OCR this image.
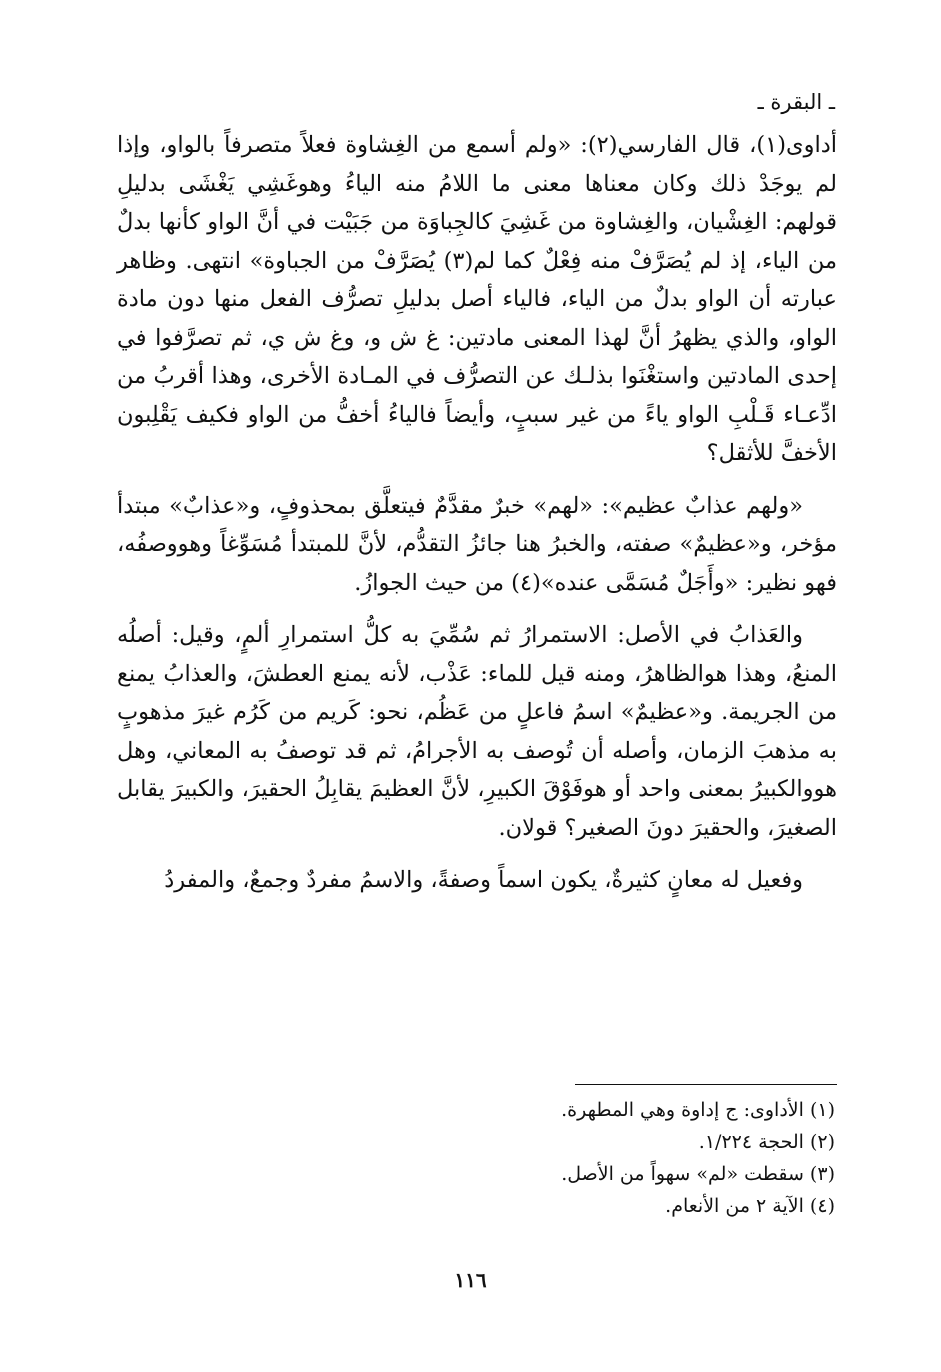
ـ البقرة ـ

أداوى(١)، قال الفارسي(٢): «ولم أسمع من الغِشاوة فعلاً متصرفاً بالواو، وإذا لم يوجَدْ ذلك وكان معناها معنى ما اللامُ منه الياءُ وهوغَشِي يَغْشَى بدليلِ قولهم: الغِشْيان، والغِشاوة من غَشِيَ كالجِباوَة من جَبَيْت في أنَّ الواو كأنها بدلٌ من الياء، إذ لم يُصَرَّفْ منه فِعْلٌ كما لم(٣) يُصَرَّفْ من الجباوة» انتهى. وظاهر عبارته أن الواو بدلٌ من الياء، فالياء أصل بدليلِ تصرُّف الفعل منها دون مادة الواو، والذي يظهرُ أنَّ لهذا المعنى مادتين: غ ش و، وغ ش ي، ثم تصرَّفوا في إحدى المادتين واستغْنَوا بذلـك عن التصرُّف في المـادة الأخرى، وهذا أقربُ من ادِّعـاء قَـلْبِ الواو ياءً من غير سببٍ، وأيضاً فالياءُ أخفُّ من الواو فكيف يَقْلِبون الأخفَّ للأثقل؟

«ولهم عذابٌ عظيم»: «لهم» خبرٌ مقدَّمٌ فيتعلَّق بمحذوفٍ، و«عذابٌ» مبتدأ مؤخر، و«عظيمٌ» صفته، والخبرُ هنا جائزُ التقدُّم، لأنَّ للمبتدأ مُسَوِّغاً وهووصفُه، فهو نظير: «وأَجَلٌ مُسَمَّى عنده»(٤) من حيث الجوازُ.

والعَذابُ في الأصل: الاستمرارُ ثم سُمِّيَ به كلُّ استمرارِ ألمٍ، وقيل: أصلُه المنعُ، وهذا هوالظاهرُ، ومنه قيل للماء: عَذْب، لأنه يمنع العطشَ، والعذابُ يمنع من الجريمة. و«عظيمٌ» اسمُ فاعلٍ من عَظُم، نحو: كَريم من كَرُم غيرَ مذهوبٍ به مذهبَ الزمان، وأصله أن تُوصف به الأجرامُ، ثم قد توصفُ به المعاني، وهل هووالكبيرُ بمعنى واحد أو هوفَوْقَ الكبيرِ، لأنَّ العظيمَ يقابِلُ الحقيرَ، والكبيرَ يقابل الصغيرَ، والحقيرَ دونَ الصغير؟ قولان.

وفعيل له معانٍ كثيرةٌ، يكون اسماً وصفةً، والاسمُ مفردٌ وجمعٌ، والمفردُ

(١) الأداوى: ج إداوة وهي المطهرة.
(٢) الحجة ١/٢٢٤.
(٣) سقطت «لم» سهواً من الأصل.
(٤) الآية ٢ من الأنعام.
١١٦
